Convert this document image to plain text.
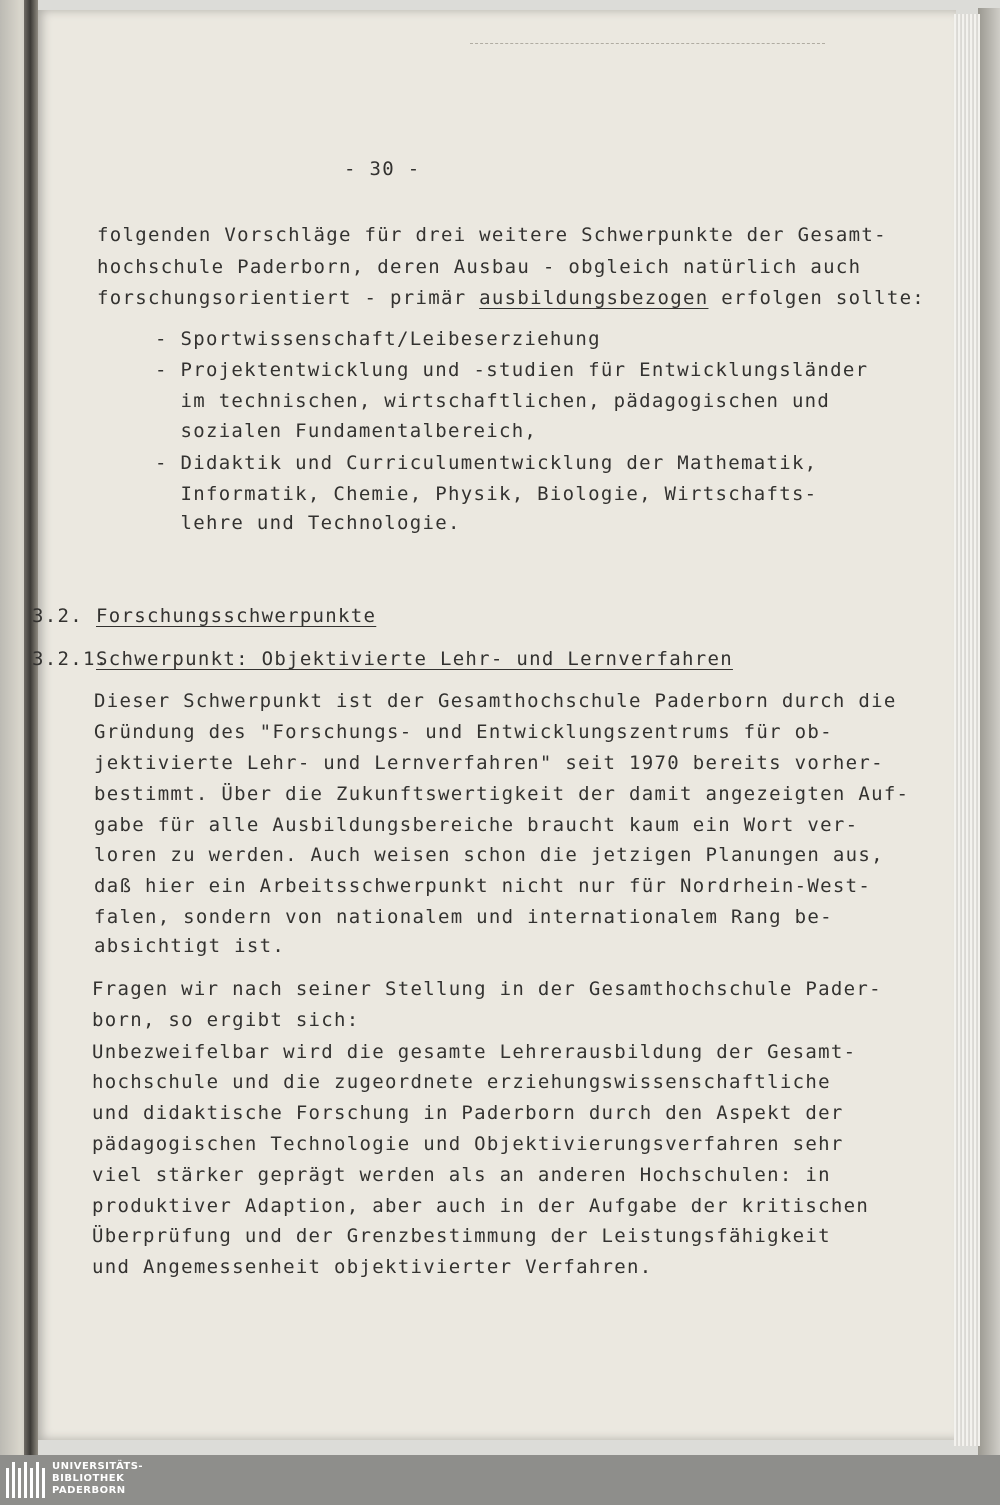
- 30 -
folgenden Vorschläge für drei weitere Schwerpunkte der Gesamt-
hochschule Paderborn, deren Ausbau - obgleich natürlich auch
forschungsorientiert - primär ausbildungsbezogen erfolgen sollte:
- Sportwissenschaft/Leibeserziehung
- Projektentwicklung und -studien für Entwicklungsländer
im technischen, wirtschaftlichen, pädagogischen und
sozialen Fundamentalbereich,
- Didaktik und Curriculumentwicklung der Mathematik,
Informatik, Chemie, Physik, Biologie, Wirtschafts-
lehre und Technologie.
3.2. Forschungsschwerpunkte
3.2.1.
Schwerpunkt: Objektivierte Lehr- und Lernverfahren
Dieser Schwerpunkt ist der Gesamthochschule Paderborn durch die
Gründung des "Forschungs- und Entwicklungszentrums für ob-
jektivierte Lehr- und Lernverfahren" seit 1970 bereits vorher-
bestimmt. Über die Zukunftswertigkeit der damit angezeigten Auf-
gabe für alle Ausbildungsbereiche braucht kaum ein Wort ver-
loren zu werden. Auch weisen schon die jetzigen Planungen aus,
daß hier ein Arbeitsschwerpunkt nicht nur für Nordrhein-West-
falen, sondern von nationalem und internationalem Rang be-
absichtigt ist.
Fragen wir nach seiner Stellung in der Gesamthochschule Pader-
born, so ergibt sich:
Unbezweifelbar wird die gesamte Lehrerausbildung der Gesamt-
hochschule und die zugeordnete erziehungswissenschaftliche
und didaktische Forschung in Paderborn durch den Aspekt der
pädagogischen Technologie und Objektivierungsverfahren sehr
viel stärker geprägt werden als an anderen Hochschulen: in
produktiver Adaption, aber auch in der Aufgabe der kritischen
Überprüfung und der Grenzbestimmung der Leistungsfähigkeit
und Angemessenheit objektivierter Verfahren.
UNIVERSITÄTS-
BIBLIOTHEK
PADERBORN
